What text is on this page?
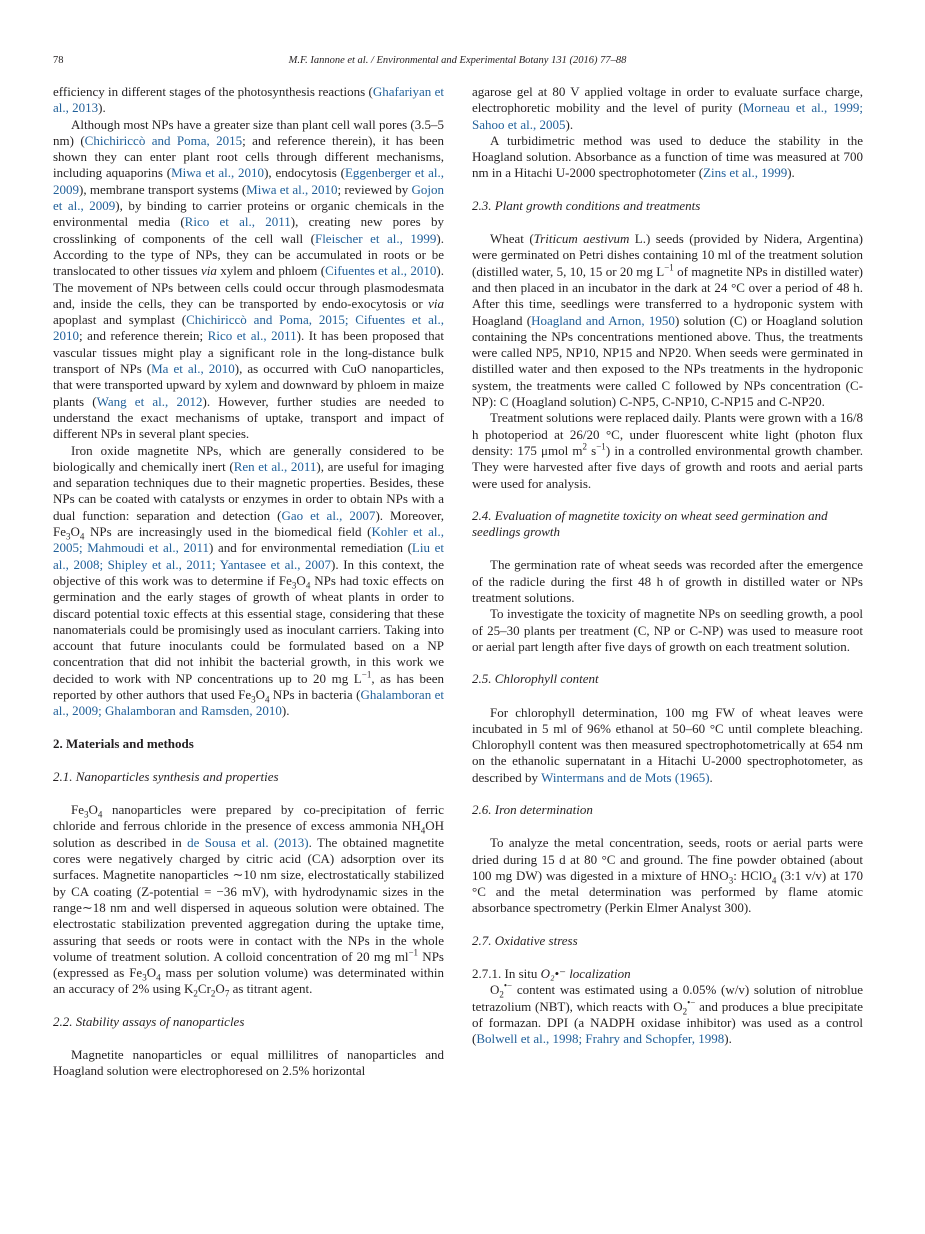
78	M.F. Iannone et al. / Environmental and Experimental Botany 131 (2016) 77–88

efficiency in different stages of the photosynthesis reactions (Ghafariyan et al., 2013).

Although most NPs have a greater size than plant cell wall pores (3.5–5 nm) (Chichiriccò and Poma, 2015; and reference therein), it has been shown they can enter plant root cells through different mechanisms, including aquaporins (Miwa et al., 2010), endocytosis (Eggenberger et al., 2009), membrane transport systems (Miwa et al., 2010; reviewed by Gojon et al., 2009), by binding to carrier proteins or organic chemicals in the environmental media (Rico et al., 2011), creating new pores by crosslinking of components of the cell wall (Fleischer et al., 1999). According to the type of NPs, they can be accumulated in roots or be translocated to other tissues via xylem and phloem (Cifuentes et al., 2010). The movement of NPs between cells could occur through plasmodesmata and, inside the cells, they can be transported by endo-exocytosis or via apoplast and symplast (Chichiriccò and Poma, 2015; Cifuentes et al., 2010; and reference therein; Rico et al., 2011). It has been proposed that vascular tissues might play a significant role in the long-distance bulk transport of NPs (Ma et al., 2010), as occurred with CuO nanoparticles, that were transported upward by xylem and downward by phloem in maize plants (Wang et al., 2012). However, further studies are needed to understand the exact mechanisms of uptake, transport and impact of different NPs in several plant species.

Iron oxide magnetite NPs, which are generally considered to be biologically and chemically inert (Ren et al., 2011), are useful for imaging and separation techniques due to their magnetic properties. Besides, these NPs can be coated with catalysts or enzymes in order to obtain NPs with a dual function: separation and detection (Gao et al., 2007). Moreover, $Fe_3O_4$ NPs are increasingly used in the biomedical field (Kohler et al., 2005; Mahmoudi et al., 2011) and for environmental remediation (Liu et al., 2008; Shipley et al., 2011; Yantasee et al., 2007). In this context, the objective of this work was to determine if $Fe_3O_4$ NPs had toxic effects on germination and the early stages of growth of wheat plants in order to discard potential toxic effects at this essential stage, considering that these nanomaterials could be promisingly used as inoculant carriers. Taking into account that future inoculants could be formulated based on a NP concentration that did not inhibit the bacterial growth, in this work we decided to work with NP concentrations up to 20 mg $L^{-1}$, as has been reported by other authors that used $Fe_3O_4$ NPs in bacteria (Ghalamboran et al., 2009; Ghalamboran and Ramsden, 2010).

2. Materials and methods
2.1. Nanoparticles synthesis and properties

$Fe_3O_4$ nanoparticles were prepared by co-precipitation of ferric chloride and ferrous chloride in the presence of excess ammonia $NH_4OH$ solution as described in de Sousa et al. (2013). The obtained magnetite cores were negatively charged by citric acid (CA) adsorption over its surfaces. Magnetite nanoparticles ∼10 nm size, electrostatically stabilized by CA coating (Z-potential = −36 mV), with hydrodynamic sizes in the range∼18 nm and well dispersed in aqueous solution were obtained. The electrostatic stabilization prevented aggregation during the uptake time, assuring that seeds or roots were in contact with the NPs in the whole volume of treatment solution. A colloid concentration of 20 mg $ml^{-1}$ NPs (expressed as $Fe_3O_4$ mass per solution volume) was determinated within an accuracy of 2% using $K_2Cr_2O_7$ as titrant agent.

2.2. Stability assays of nanoparticles

Magnetite nanoparticles or equal millilitres of nanoparticles and Hoagland solution were electrophoresed on 2.5% horizontal

agarose gel at 80 V applied voltage in order to evaluate surface charge, electrophoretic mobility and the level of purity (Morneau et al., 1999; Sahoo et al., 2005).

A turbidimetric method was used to deduce the stability in the Hoagland solution. Absorbance as a function of time was measured at 700 nm in a Hitachi U-2000 spectrophotometer (Zins et al., 1999).

2.3. Plant growth conditions and treatments

Wheat (Triticum aestivum L.) seeds (provided by Nidera, Argentina) were germinated on Petri dishes containing 10 ml of the treatment solution (distilled water, 5, 10, 15 or 20 mg $L^{-1}$ of magnetite NPs in distilled water) and then placed in an incubator in the dark at 24 °C over a period of 48 h. After this time, seedlings were transferred to a hydroponic system with Hoagland (Hoagland and Arnon, 1950) solution (C) or Hoagland solution containing the NPs concentrations mentioned above. Thus, the treatments were called NP5, NP10, NP15 and NP20. When seeds were germinated in distilled water and then exposed to the NPs treatments in the hydroponic system, the treatments were called C followed by NPs concentration (C-NP): C (Hoagland solution) C-NP5, C-NP10, C-NP15 and C-NP20.

Treatment solutions were replaced daily. Plants were grown with a 16/8 h photoperiod at 26/20 °C, under fluorescent white light (photon flux density: 175 μmol $m^2$ $s^{-1}$) in a controlled environmental growth chamber. They were harvested after five days of growth and roots and aerial parts were used for analysis.

2.4. Evaluation of magnetite toxicity on wheat seed germination and seedlings growth

The germination rate of wheat seeds was recorded after the emergence of the radicle during the first 48 h of growth in distilled water or NPs treatment solutions.

To investigate the toxicity of magnetite NPs on seedling growth, a pool of 25–30 plants per treatment (C, NP or C-NP) was used to measure root or aerial part length after five days of growth on each treatment solution.

2.5. Chlorophyll content

For chlorophyll determination, 100 mg FW of wheat leaves were incubated in 5 ml of 96% ethanol at 50–60 °C until complete bleaching. Chlorophyll content was then measured spectrophotometrically at 654 nm on the ethanolic supernatant in a Hitachi U-2000 spectrophotometer, as described by Wintermans and de Mots (1965).

2.6. Iron determination

To analyze the metal concentration, seeds, roots or aerial parts were dried during 15 d at 80 °C and ground. The fine powder obtained (about 100 mg DW) was digested in a mixture of $HNO_3$: HClO$_4$ (3:1 v/v) at 170 °C and the metal determination was performed by flame atomic absorbance spectrometry (Perkin Elmer Analyst 300).

2.7. Oxidative stress
2.7.1. In situ O₂•⁻ localization

$O_2^{•-}$ content was estimated using a 0.05% (w/v) solution of nitroblue tetrazolium (NBT), which reacts with $O_2^{•-}$ and produces a blue precipitate of formazan. DPI (a NADPH oxidase inhibitor) was used as a control (Bolwell et al., 1998; Frahry and Schopfer, 1998).
